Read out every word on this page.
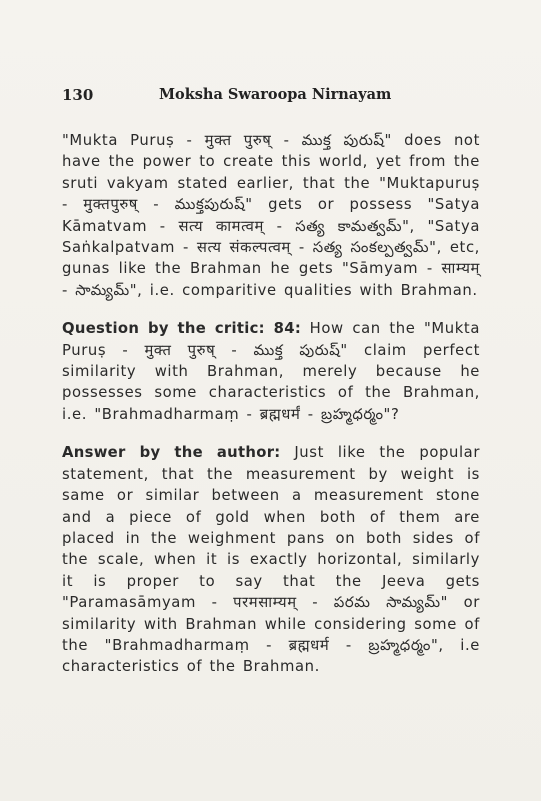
130	Moksha Swaroopa Nirnayam

"Mukta Puruṣ - मुक्त पुरुष् - ముక్త పురుష్" does not have the power to create this world, yet from the sruti vakyam stated earlier, that the "Muktapuruṣ - मुक्तपुरुष् - ముక్తపురుష్" gets or possess "Satya Kāmatvam - सत्य कामत्वम् - సత్య కామత్వమ్", "Satya Saṅkalpatvam - सत्य संकल्पत्वम् - సత్య సంకల్పత్వమ్", etc, gunas like the Brahman he gets "Sāmyam - साम्यम् - సామ్యమ్", i.e. comparitive qualities with Brahman.

Question by the critic: 84: How can the "Mukta Puruṣ - मुक्त पुरुष् - ముక్త పురుష్" claim perfect similarity with Brahman, merely because he possesses some characteristics of the Brahman, i.e. "Brahmadharmaṃ - ब्रह्मधर्मं - బ్రహ్మధర్మం"?

Answer by the author: Just like the popular statement, that the measurement by weight is same or similar between a measurement stone and a piece of gold when both of them are placed in the weighment pans on both sides of the scale, when it is exactly horizontal, similarly it is proper to say that the Jeeva gets "Paramasāmyam - परमसाम्यम् - పరమ సామ్యమ్" or similarity with Brahman while considering some of the "Brahmadharmaṃ - ब्रह्मधर्म - బ్రహ్మధర్మం", i.e characteristics of the Brahman.
